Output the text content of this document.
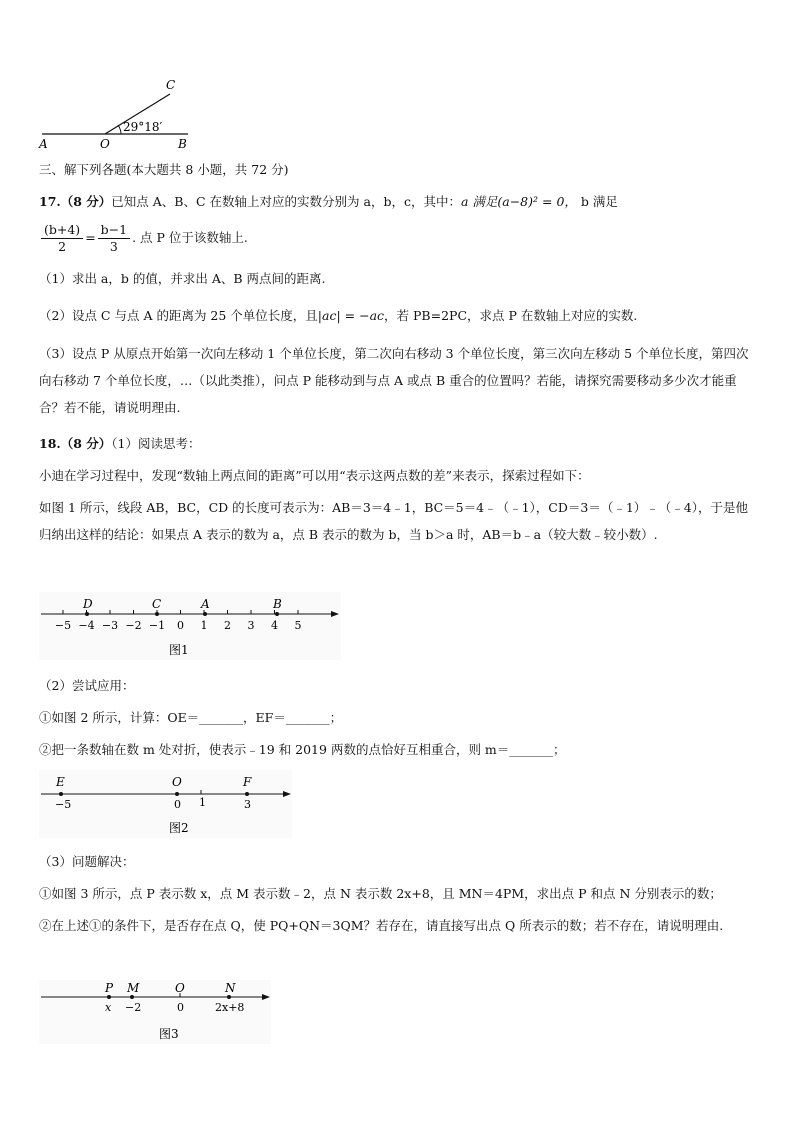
29°18′
C
A	O	B
三、解下列各题(本大题共 8 小题，共 72 分)
17.（8 分）已知点 A、B、C 在数轴上对应的实数分别为 a，b，c，其中：a 满足(a−8)² = 0， b 满足
$\frac{(b+4)}{2} = \frac{b-1}{3}$ . 点 P 位于该数轴上.
（1）求出 a，b 的值，并求出 A、B 两点间的距离.
（2）设点 C 与点 A 的距离为 25 个单位长度，且|ac| = −ac，若 PB=2PC，求点 P 在数轴上对应的实数.
（3）设点 P 从原点开始第一次向左移动 1 个单位长度，第二次向右移动 3 个单位长度，第三次向左移动 5 个单位长度，第四次向右移动 7 个单位长度，…（以此类推），问点 P 能移动到与点 A 或点 B 重合的位置吗？若能，请探究需要移动多少次才能重合？若不能，请说明理由.
18.（8 分）（1）阅读思考：
小迪在学习过程中，发现“数轴上两点间的距离”可以用“表示这两点数的差”来表示，探索过程如下：
如图 1 所示，线段 AB，BC，CD 的长度可表示为：AB＝3＝4﹣1，BC＝5＝4﹣（﹣1），CD＝3＝（﹣1）﹣（﹣4），于是他归纳出这样的结论：如果点 A 表示的数为 a，点 B 表示的数为 b，当 b＞a 时，AB＝b﹣a（较大数﹣较小数）.
−5 −4 −3 −2 −1 0 1 2 3 4 5
D	C	A	B
图1
（2）尝试应用：
①如图 2 所示，计算：OE＝_______，EF＝_______；
②把一条数轴在数 m 处对折，使表示﹣19 和 2019 两数的点恰好互相重合，则 m＝_______；
E	O	F
−5	0 1	3
图2
（3）问题解决：
①如图 3 所示，点 P 表示数 x，点 M 表示数﹣2，点 N 表示数 2x+8，且 MN＝4PM，求出点 P 和点 N 分别表示的数；
②在上述①的条件下，是否存在点 Q，使 PQ+QN＝3QM？若存在，请直接写出点 Q 所表示的数；若不存在，请说明理由.
P M	O	N
x −2	0	2x+8
图3
